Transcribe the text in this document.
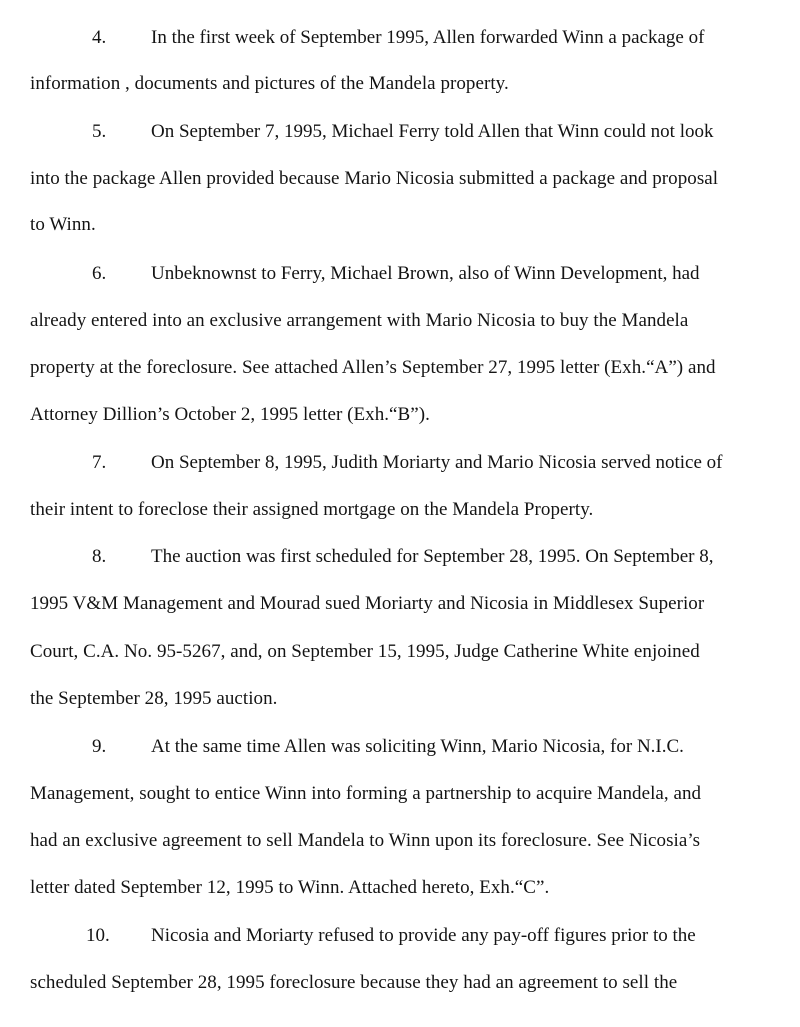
4. In the first week of September 1995, Allen forwarded Winn a package of
information , documents and pictures of the Mandela property.
5. On September 7, 1995, Michael Ferry told Allen that Winn could not look
into the package Allen provided because Mario Nicosia submitted a package and proposal
to Winn.
6. Unbeknownst to Ferry, Michael Brown, also of Winn Development, had
already entered into an exclusive arrangement with Mario Nicosia to buy the Mandela
property at the foreclosure. See attached Allen’s September 27, 1995 letter (Exh.“A”) and
Attorney Dillion’s October 2, 1995 letter (Exh.“B”).
7. On September 8, 1995, Judith Moriarty and Mario Nicosia served notice of
their intent to foreclose their assigned mortgage on the Mandela Property.
8. The auction was first scheduled for September 28, 1995. On September 8,
1995 V&M Management and Mourad sued Moriarty and Nicosia in Middlesex Superior
Court, C.A. No. 95-5267, and, on September 15, 1995, Judge Catherine White enjoined
the September 28, 1995 auction.
9. At the same time Allen was soliciting Winn, Mario Nicosia, for N.I.C.
Management, sought to entice Winn into forming a partnership to acquire Mandela, and
had an exclusive agreement to sell Mandela to Winn upon its foreclosure. See Nicosia’s
letter dated September 12, 1995 to Winn. Attached hereto, Exh.“C”.
10. Nicosia and Moriarty refused to provide any pay-off figures prior to the
scheduled September 28, 1995 foreclosure because they had an agreement to sell the
